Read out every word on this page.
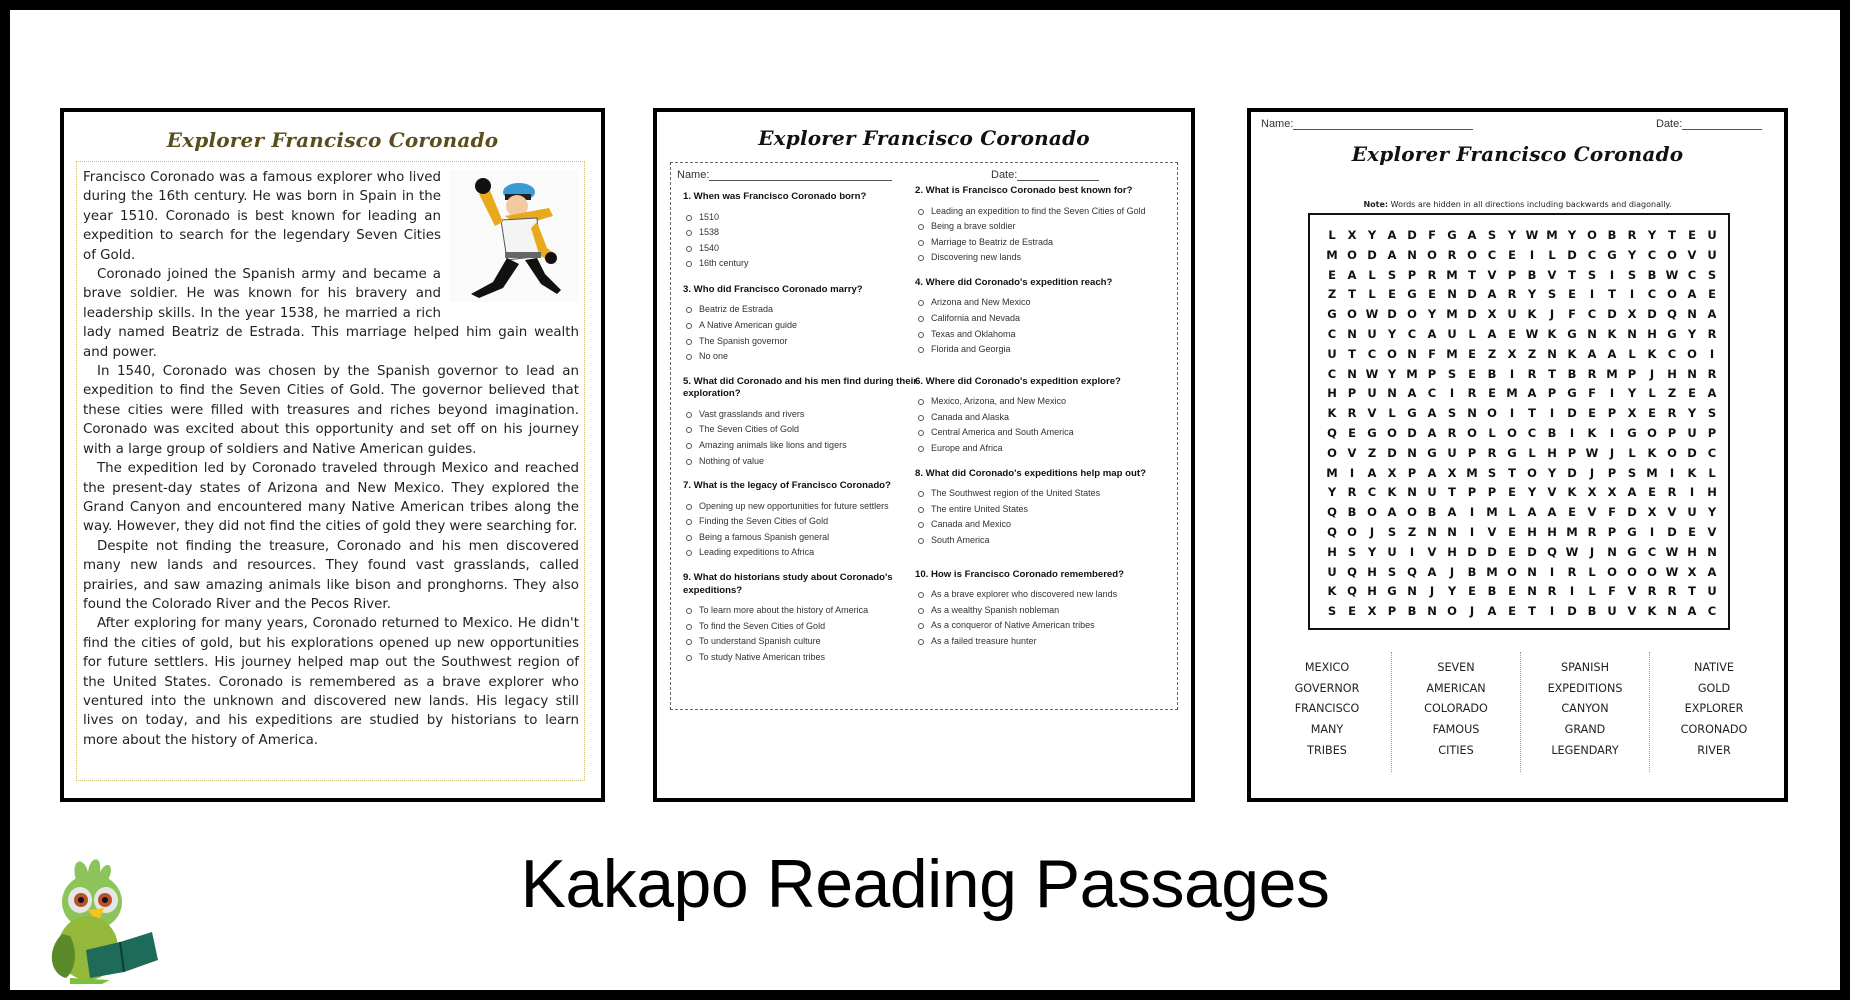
Explorer Francisco Coronado

Francisco Coronado was a famous explorer who lived during the 16th century. He was born in Spain in the year 1510. Coronado is best known for leading an expedition to search for the legendary Seven Cities of Gold.

Coronado joined the Spanish army and became a brave soldier. He was known for his bravery and leadership skills. In the year 1538, he married a rich lady named Beatriz de Estrada. This marriage helped him gain wealth and power.

In 1540, Coronado was chosen by the Spanish governor to lead an expedition to find the Seven Cities of Gold. The governor believed that these cities were filled with treasures and riches beyond imagination. Coronado was excited about this opportunity and set off on his journey with a large group of soldiers and Native American guides.

The expedition led by Coronado traveled through Mexico and reached the present-day states of Arizona and New Mexico. They explored the Grand Canyon and encountered many Native American tribes along the way. However, they did not find the cities of gold they were searching for.

Despite not finding the treasure, Coronado and his men discovered many new lands and resources. They found vast grasslands, called prairies, and saw amazing animals like bison and pronghorns. They also found the Colorado River and the Pecos River.

After exploring for many years, Coronado returned to Mexico. He didn't find the cities of gold, but his explorations opened up new opportunities for future settlers. His journey helped map out the Southwest region of the United States. Coronado is remembered as a brave explorer who ventured into the unknown and discovered new lands. His legacy still lives on today, and his expeditions are studied by historians to learn more about the history of America.

Explorer Francisco Coronado
Name:	Date:
1. When was Francisco Coronado born?
1510
1538
1540
16th century
3. Who did Francisco Coronado marry?
Beatriz de Estrada
A Native American guide
The Spanish governor
No one
5. What did Coronado and his men find during their exploration?
Vast grasslands and rivers
The Seven Cities of Gold
Amazing animals like lions and tigers
Nothing of value
7. What is the legacy of Francisco Coronado?
Opening up new opportunities for future settlers
Finding the Seven Cities of Gold
Being a famous Spanish general
Leading expeditions to Africa
9. What do historians study about Coronado's expeditions?
To learn more about the history of America
To find the Seven Cities of Gold
To understand Spanish culture
To study Native American tribes
2. What is Francisco Coronado best known for?
Leading an expedition to find the Seven Cities of Gold
Being a brave soldier
Marriage to Beatriz de Estrada
Discovering new lands
4. Where did Coronado's expedition reach?
Arizona and New Mexico
California and Nevada
Texas and Oklahoma
Florida and Georgia
6. Where did Coronado's expedition explore?
Mexico, Arizona, and New Mexico
Canada and Alaska
Central America and South America
Europe and Africa
8. What did Coronado's expeditions help map out?
The Southwest region of the United States
The entire United States
Canada and Mexico
South America
10. How is Francisco Coronado remembered?
As a brave explorer who discovered new lands
As a wealthy Spanish nobleman
As a conqueror of Native American tribes
As a failed treasure hunter
Name:	Date:
Explorer Francisco Coronado
Note: Words are hidden in all directions including backwards and diagonally.
L	X Y A D F G A S	Y W M Y O B R Y	T	E U
M O D A N O R O C	E	I	L	D C G Y	C O V U
E	A	L	S	P R M T	V P B V	T	S	I	S B W C	S
Z	T	L	E G E N D A R Y	S	E	I	T	I	C O A	E
G O W D O Y M D X U K	J	F	C D X D Q N A
C N U Y	C A U	L	A	E W K G N K N H G Y R
U T	C O N F M E	Z X Z N K A A	L	K C O	I
C N W Y M P	S	E	B	I	R	T	B R M P	J	H N R
H P U N A C	I	R	E M A P G F	I	Y	L	Z	E	A
K R V	L	G A S N O	I	T	I	D E	P X	E	R Y	S
Q E G O D A R O L O C B	I	K	I	G O P U P
O V Z D N G U P R G	L	H P W	J	L	K O D C
M	I	A X P A X M S	T O Y D	J	P	S M	I	K	L
Y R C K N U T	P	P	E	Y V K X X A	E	R	I	H
Q B O A O B A	I	M L	A A	E	V	F D X V U Y
Q O	J	S	Z N N	I	V	E H H M R P G	I	D E	V
H S	Y U	I	V H D D E D Q W	J	N G C W H N
U Q H S Q A	J	B M O N	I	R	L O O O W X A
K Q H G N	J	Y	E	B	E N R	I	L	F	V R R	T U
S	E	X P B N O	J	A	E	T	I	D B U V K N A C
MEXICO
GOVERNOR
FRANCISCO
MANY
TRIBES
SEVEN
AMERICAN
COLORADO
FAMOUS
CITIES
SPANISH
EXPEDITIONS
CANYON
GRAND
LEGENDARY
NATIVE
GOLD
EXPLORER
CORONADO
RIVER
Kakapo Reading Passages
